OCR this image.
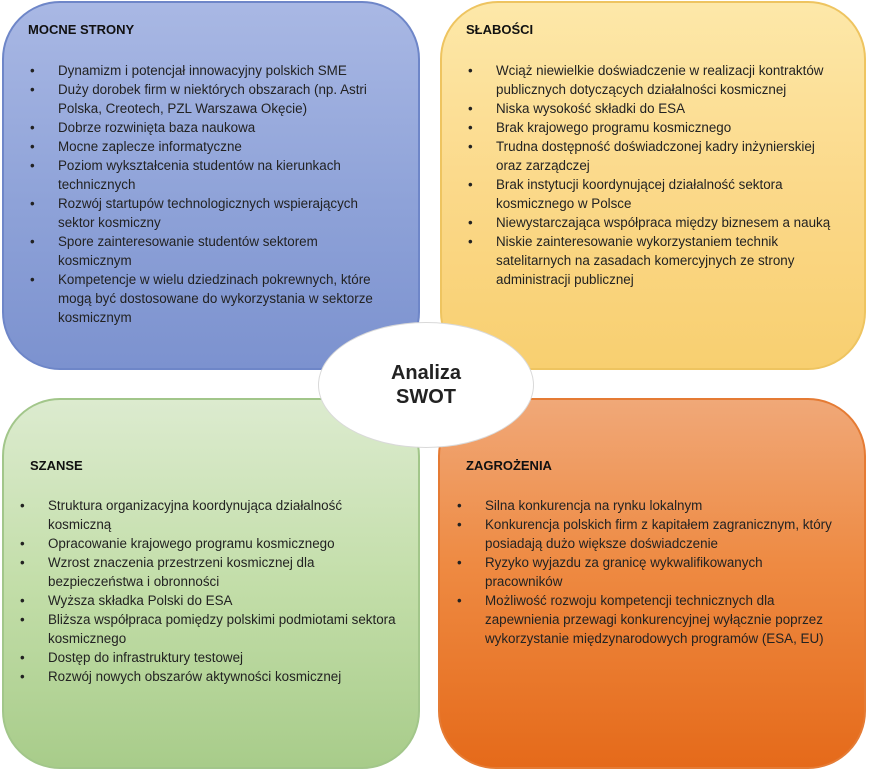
MOCNE STRONY
• Dynamizm i potencjał innowacyjny polskich SME
• Duży dorobek firm w niektórych obszarach (np. Astri Polska, Creotech, PZL Warszawa Okęcie)
• Dobrze rozwinięta baza naukowa
• Mocne zaplecze informatyczne
• Poziom wykształcenia studentów na kierunkach technicznych
• Rozwój startupów technologicznych wspierających sektor kosmiczny
• Spore zainteresowanie studentów sektorem kosmicznym
• Kompetencje w wielu dziedzinach pokrewnych, które mogą być dostosowane do wykorzystania w sektorze kosmicznym
SŁABOŚCI
• Wciąż niewielkie doświadczenie w realizacji kontraktów publicznych dotyczących działalności kosmicznej
• Niska wysokość składki do ESA
• Brak krajowego programu kosmicznego
• Trudna dostępność doświadczonej kadry inżynierskiej oraz zarządczej
• Brak instytucji koordynującej działalność sektora kosmicznego w Polsce
• Niewystarczająca współpraca między biznesem a nauką
• Niskie zainteresowanie wykorzystaniem technik satelitarnych na zasadach komercyjnych ze strony administracji publicznej
SZANSE
• Struktura organizacyjna koordynująca działalność kosmiczną
• Opracowanie krajowego programu kosmicznego
• Wzrost znaczenia przestrzeni kosmicznej dla bezpieczeństwa i obronności
• Wyższa składka Polski do ESA
• Bliższa współpraca pomiędzy polskimi podmiotami sektora kosmicznego
• Dostęp do infrastruktury testowej
• Rozwój nowych obszarów aktywności kosmicznej
ZAGROŻENIA
• Silna konkurencja na rynku lokalnym
• Konkurencja polskich firm z kapitałem zagranicznym, który posiadają dużo większe doświadczenie
• Ryzyko wyjazdu za granicę wykwalifikowanych pracowników
• Możliwość rozwoju kompetencji technicznych dla zapewnienia przewagi konkurencyjnej wyłącznie poprzez wykorzystanie międzynarodowych programów (ESA, EU)
Analiza
SWOT
